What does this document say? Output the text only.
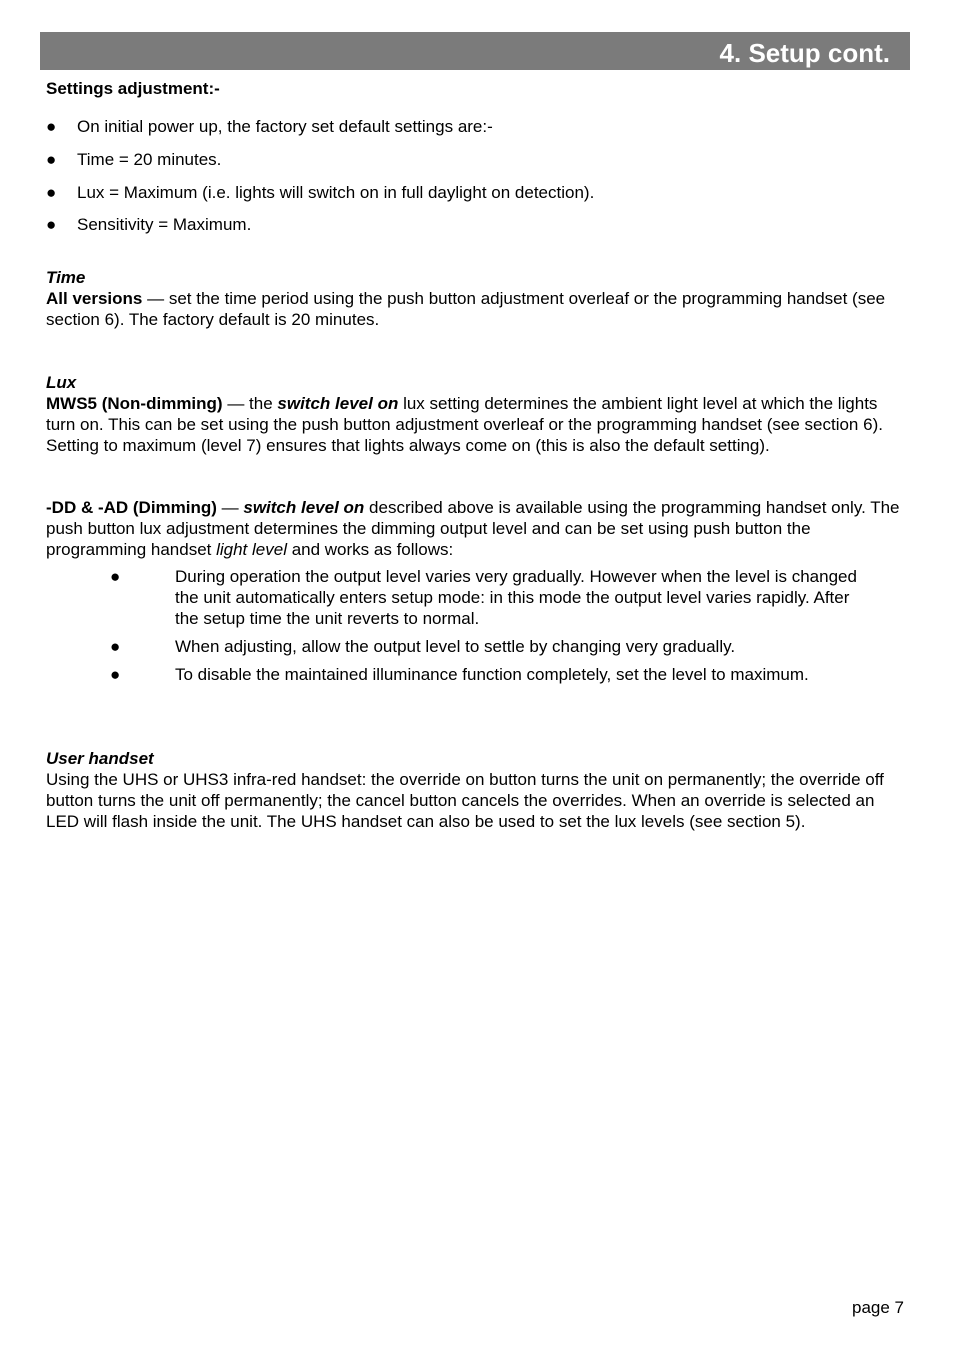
4. Setup cont.
Settings adjustment:-
● On initial power up, the factory set default settings are:-
● Time = 20 minutes.
● Lux = Maximum (i.e. lights will switch on in full daylight on detection).
● Sensitivity = Maximum.
Time

All versions — set the time period using the push button adjustment overleaf or the programming handset (see section 6). The factory default is 20 minutes.

Lux

MWS5 (Non-dimming) — the switch level on lux setting determines the ambient light level at which the lights turn on. This can be set using the push button adjustment overleaf or the programming handset (see section 6). Setting to maximum (level 7) ensures that lights always come on (this is also the default setting).

-DD & -AD (Dimming) — switch level on described above is available using the programming handset only. The push button lux adjustment determines the dimming output level and can be set using push button the programming handset light level and works as follows:

●	During operation the output level varies very gradually. However when the level is changed the unit automatically enters setup mode: in this mode the output level varies rapidly. After the setup time the unit reverts to normal.
●	When adjusting, allow the output level to settle by changing very gradually.
●	To disable the maintained illuminance function completely, set the level to maximum.
User handset

Using the UHS or UHS3 infra-red handset: the override on button turns the unit on permanently; the override off button turns the unit off permanently; the cancel button cancels the overrides. When an override is selected an LED will flash inside the unit. The UHS handset can also be used to set the lux levels (see section 5).

page 7
